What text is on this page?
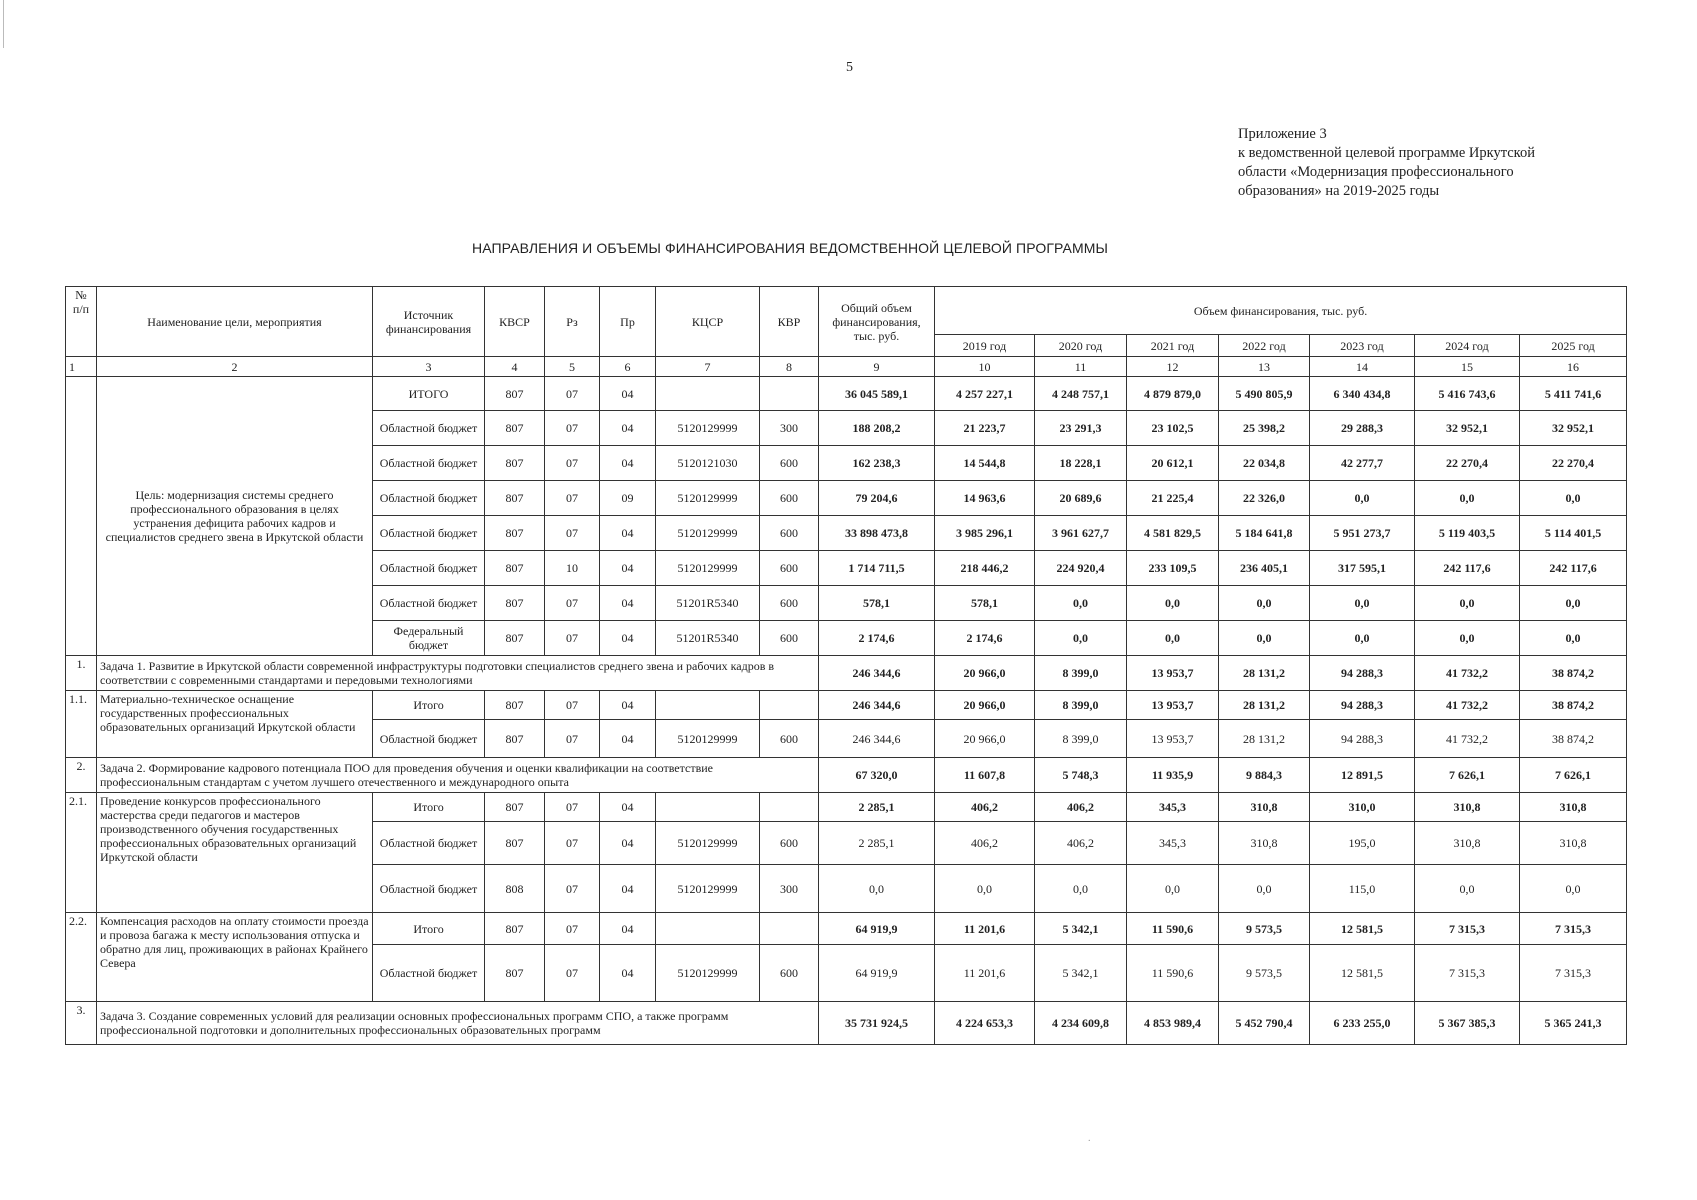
5
Приложение 3
к ведомственной целевой программе Иркутской
области «Модернизация профессионального
образования» на 2019-2025 годы
НАПРАВЛЕНИЯ И ОБЪЕМЫ ФИНАНСИРОВАНИЯ ВЕДОМСТВЕННОЙ ЦЕЛЕВОЙ ПРОГРАММЫ
№ п/п	Наименование цели, мероприятия	Источник финансирования	КВСР	Рз	Пр	КЦСР	КВР	Общий объем финансирования, тыс. руб.	Объем финансирования, тыс. руб.						
									2019 год	2020 год	2021 год	2022 год	2023 год	2024 год	2025 год
1	2	3	4	5	6	7	8	9	10	11	12	13	14	15	16
	Цель: модернизация системы среднего профессионального образования в целях устранения дефицита рабочих кадров и специалистов среднего звена в Иркутской области	ИТОГО	807	07	04			36 045 589,1	4 257 227,1	4 248 757,1	4 879 879,0	5 490 805,9	6 340 434,8	5 416 743,6	5 411 741,6
		Областной бюджет	807	07	04	5120129999	300	188 208,2	21 223,7	23 291,3	23 102,5	25 398,2	29 288,3	32 952,1	32 952,1
		Областной бюджет	807	07	04	5120121030	600	162 238,3	14 544,8	18 228,1	20 612,1	22 034,8	42 277,7	22 270,4	22 270,4
		Областной бюджет	807	07	09	5120129999	600	79 204,6	14 963,6	20 689,6	21 225,4	22 326,0	0,0	0,0	0,0
		Областной бюджет	807	07	04	5120129999	600	33 898 473,8	3 985 296,1	3 961 627,7	4 581 829,5	5 184 641,8	5 951 273,7	5 119 403,5	5 114 401,5
		Областной бюджет	807	10	04	5120129999	600	1 714 711,5	218 446,2	224 920,4	233 109,5	236 405,1	317 595,1	242 117,6	242 117,6
		Областной бюджет	807	07	04	51201R5340	600	578,1	578,1	0,0	0,0	0,0	0,0	0,0	0,0
		Федеральный бюджет	807	07	04	51201R5340	600	2 174,6	2 174,6	0,0	0,0	0,0	0,0	0,0	0,0
1.	Задача 1. Развитие в Иркутской области современной инфраструктуры подготовки специалистов среднего звена и рабочих кадров в соответствии с современными стандартами и передовыми технологиями							246 344,6	20 966,0	8 399,0	13 953,7	28 131,2	94 288,3	41 732,2	38 874,2
1.1.	Материально-техническое оснащение государственных профессиональных образовательных организаций Иркутской области	Итого	807	07	04			246 344,6	20 966,0	8 399,0	13 953,7	28 131,2	94 288,3	41 732,2	38 874,2
		Областной бюджет	807	07	04	5120129999	600	246 344,6	20 966,0	8 399,0	13 953,7	28 131,2	94 288,3	41 732,2	38 874,2
2.	Задача 2. Формирование кадрового потенциала ПОО для проведения обучения и оценки квалификации на соответствие профессиональным стандартам с учетом лучшего отечественного и международного опыта							67 320,0	11 607,8	5 748,3	11 935,9	9 884,3	12 891,5	7 626,1	7 626,1
2.1.	Проведение конкурсов профессионального мастерства среди педагогов и мастеров производственного обучения государственных профессиональных образовательных организаций Иркутской области	Итого	807	07	04			2 285,1	406,2	406,2	345,3	310,8	310,0	310,8	310,8
		Областной бюджет	807	07	04	5120129999	600	2 285,1	406,2	406,2	345,3	310,8	195,0	310,8	310,8
		Областной бюджет	808	07	04	5120129999	300	0,0	0,0	0,0	0,0	0,0	115,0	0,0	0,0
2.2.	Компенсация расходов на оплату стоимости проезда и провоза багажа к месту использования отпуска и обратно для лиц, проживающих в районах Крайнего Севера	Итого	807	07	04			64 919,9	11 201,6	5 342,1	11 590,6	9 573,5	12 581,5	7 315,3	7 315,3
		Областной бюджет	807	07	04	5120129999	600	64 919,9	11 201,6	5 342,1	11 590,6	9 573,5	12 581,5	7 315,3	7 315,3
3.	Задача 3. Создание современных условий для реализации основных профессиональных программ СПО, а также программ профессиональной подготовки и дополнительных профессиональных образовательных программ							35 731 924,5	4 224 653,3	4 234 609,8	4 853 989,4	5 452 790,4	6 233 255,0	5 367 385,3	5 365 241,3
.
